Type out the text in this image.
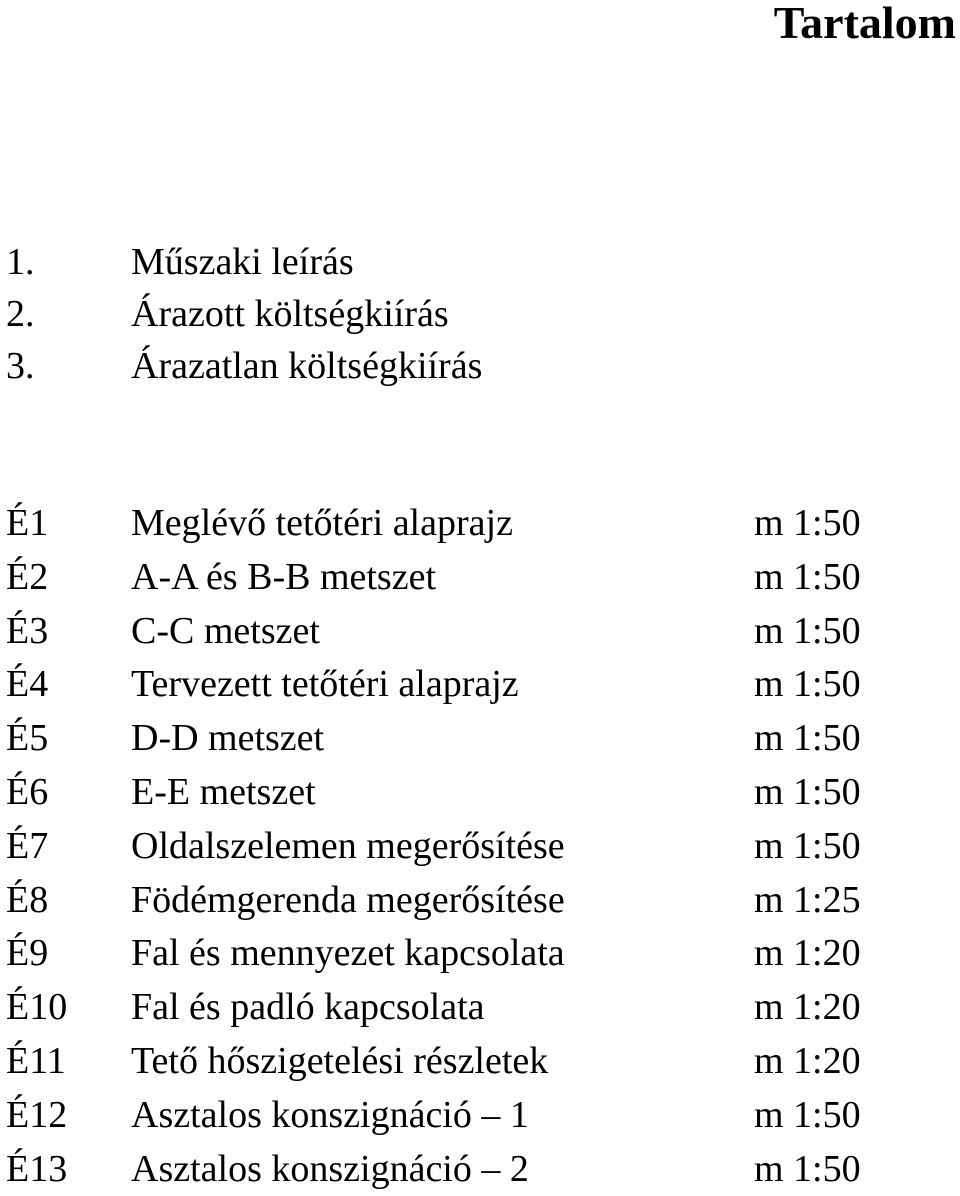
Tartalom
1.	Műszaki leírás
2.	Árazott költségkiírás
3.	Árazatlan költségkiírás
É1 Meglévő tetőtéri alaprajz	m 1:50
É2 A-A és B-B metszet	m 1:50
É3 C-C metszet	m 1:50
É4 Tervezett tetőtéri alaprajz	m 1:50
É5 D-D metszet	m 1:50
É6 E-E metszet	m 1:50
É7 Oldalszelemen megerősítése	m 1:50
É8 Födémgerenda megerősítése	m 1:25
É9 Fal és mennyezet kapcsolata	m 1:20
É10 Fal és padló kapcsolata	m 1:20
É11 Tető hőszigetelési részletek	m 1:20
É12 Asztalos konszignáció – 1	m 1:50
É13 Asztalos konszignáció – 2	m 1:50
